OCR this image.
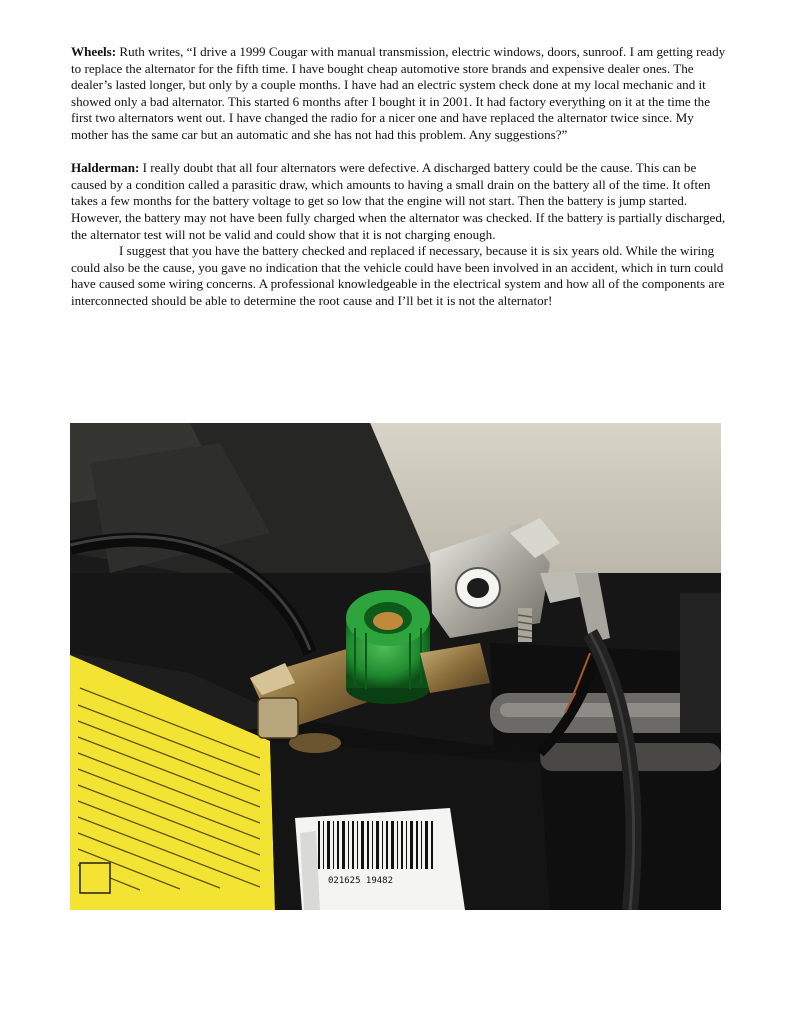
Wheels: Ruth writes, “I drive a 1999 Cougar with manual transmission, electric windows, doors, sunroof. I am getting ready to replace the alternator for the fifth time. I have bought cheap automotive store brands and expensive dealer ones. The dealer’s lasted longer, but only by a couple months. I have had an electric system check done at my local mechanic and it showed only a bad alternator. This started 6 months after I bought it in 2001. It had factory everything on it at the time the first two alternators went out. I have changed the radio for a nicer one and have replaced the alternator twice since. My mother has the same car but an automatic and she has not had this problem. Any suggestions?”

Halderman: I really doubt that all four alternators were defective. A discharged battery could be the cause. This can be caused by a condition called a parasitic draw, which amounts to having a small drain on the battery all of the time. It often takes a few months for the battery voltage to get so low that the engine will not start. Then the battery is jump started. However, the battery may not have been fully charged when the alternator was checked. If the battery is partially discharged, the alternator test will not be valid and could show that it is not charging enough.

I suggest that you have the battery checked and replaced if necessary, because it is six years old. While the wiring could also be the cause, you gave no indication that the vehicle could have been involved in an accident, which in turn could have caused some wiring concerns. A professional knowledgeable in the electrical system and how all of the components are interconnected should be able to determine the root cause and I’ll bet it is not the alternator!

021625 19482
